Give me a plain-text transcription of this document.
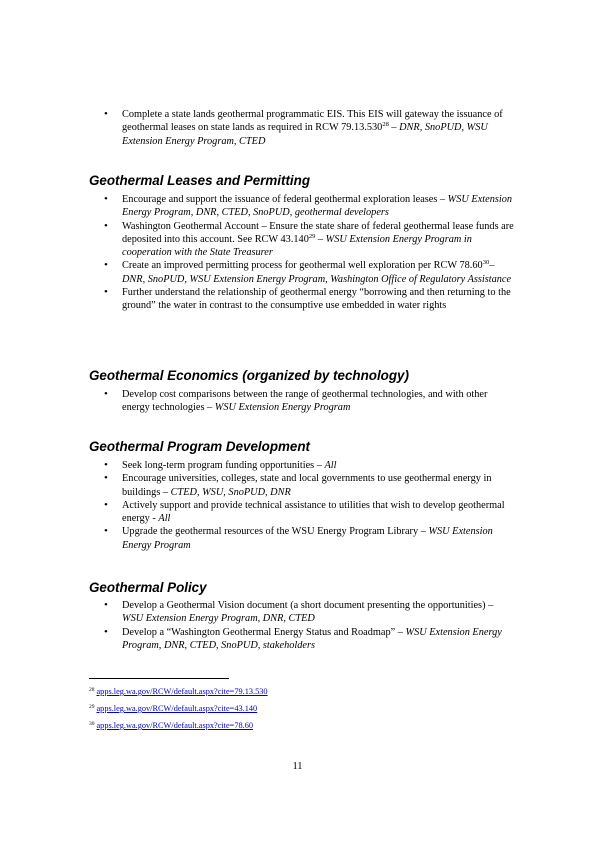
• Complete a state lands geothermal programmatic EIS. This EIS will gateway the issuance of geothermal leases on state lands as required in RCW 79.13.530$^{28}$ – DNR, SnoPUD, WSU Extension Energy Program, CTED
Geothermal Leases and Permitting
• Encourage and support the issuance of federal geothermal exploration leases – WSU Extension Energy Program, DNR, CTED, SnoPUD, geothermal developers
• Washington Geothermal Account – Ensure the state share of federal geothermal lease funds are deposited into this account. See RCW 43.140$^{29}$ – WSU Extension Energy Program in cooperation with the State Treasurer
• Create an improved permitting process for geothermal well exploration per RCW 78.60$^{30}$– DNR, SnoPUD, WSU Extension Energy Program, Washington Office of Regulatory Assistance
• Further understand the relationship of geothermal energy “borrowing and then returning to the ground” the water in contrast to the consumptive use embedded in water rights
Geothermal Economics (organized by technology)
• Develop cost comparisons between the range of geothermal technologies, and with other energy technologies – WSU Extension Energy Program
Geothermal Program Development
• Seek long-term program funding opportunities – All
• Encourage universities, colleges, state and local governments to use geothermal energy in buildings – CTED, WSU, SnoPUD, DNR
• Actively support and provide technical assistance to utilities that wish to develop geothermal energy - All
• Upgrade the geothermal resources of the WSU Energy Program Library – WSU Extension Energy Program
Geothermal Policy
• Develop a Geothermal Vision document (a short document presenting the opportunities) – WSU Extension Energy Program, DNR, CTED
• Develop a “Washington Geothermal Energy Status and Roadmap” – WSU Extension Energy Program, DNR, CTED, SnoPUD, stakeholders
$^{28}$ apps.leg.wa.gov/RCW/default.aspx?cite=79.13.530
$^{29}$ apps.leg.wa.gov/RCW/default.aspx?cite=43.140
$^{30}$ apps.leg.wa.gov/RCW/default.aspx?cite=78.60
11
